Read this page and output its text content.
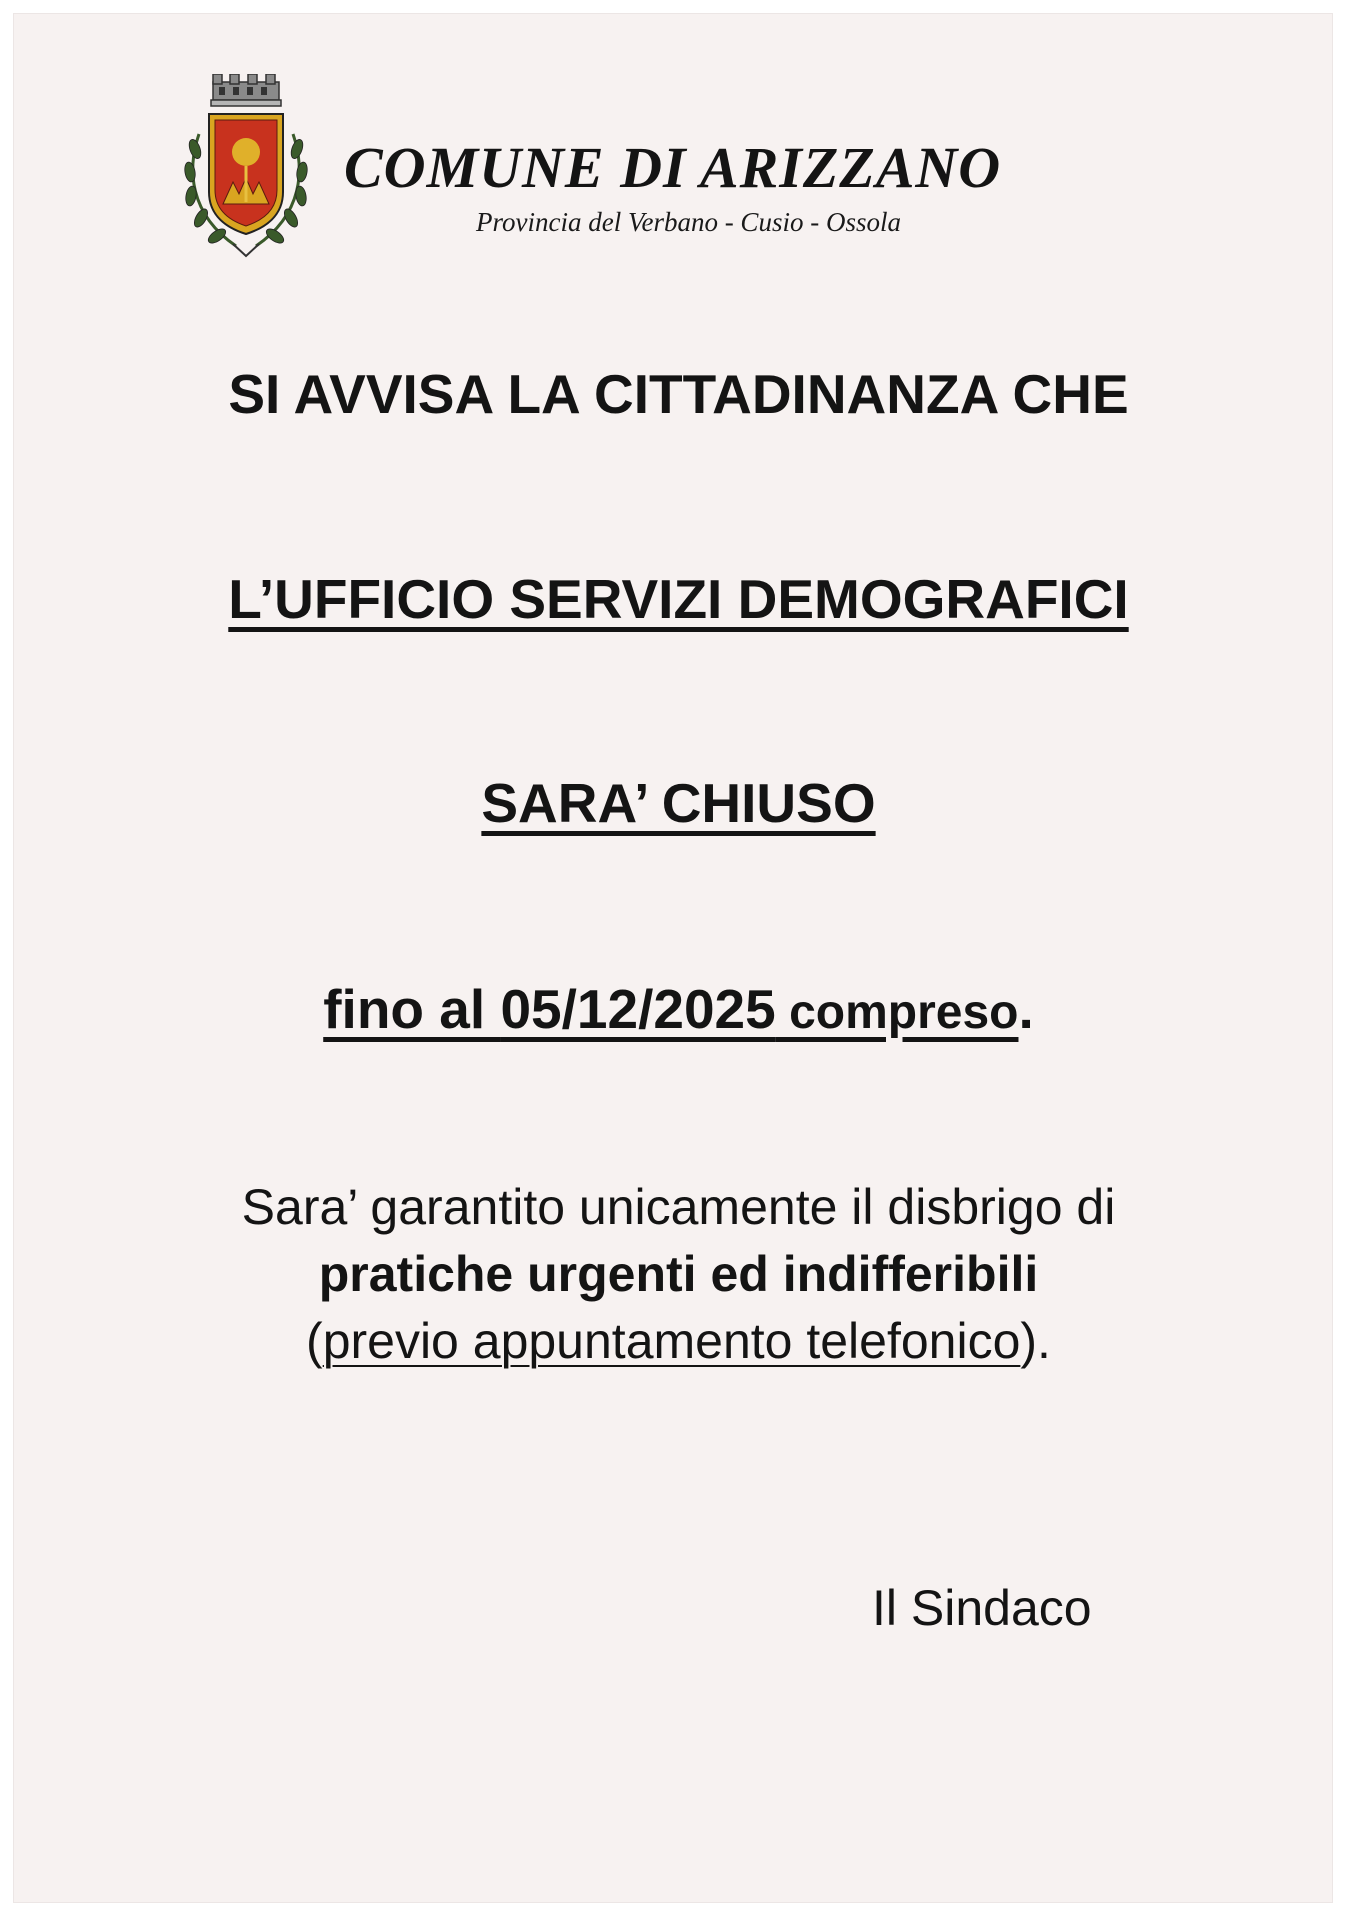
COMUNE DI ARIZZANO
Provincia del Verbano - Cusio - Ossola
SI AVVISA LA CITTADINANZA CHE
L’UFFICIO SERVIZI DEMOGRAFICI
SARA’ CHIUSO
fino al 05/12/2025 compreso.
Sara’ garantito unicamente il disbrigo di
pratiche urgenti ed indifferibili
(previo appuntamento telefonico).
Il Sindaco
